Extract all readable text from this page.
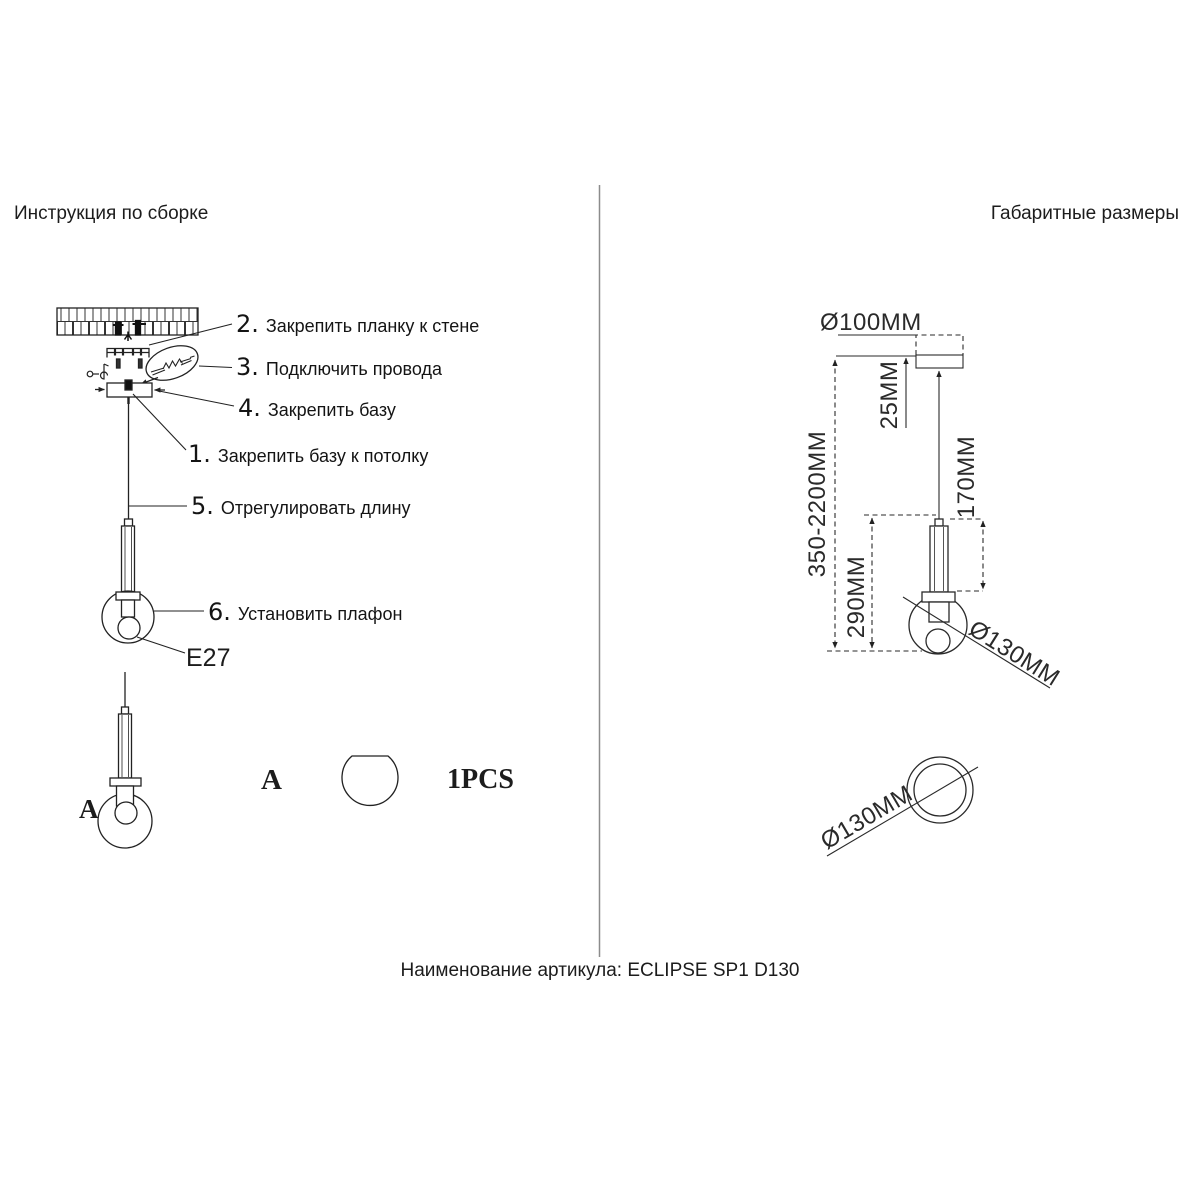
Инструкция по сборке	Габаритные размеры
2. Закрепить планку к стене
3. Подключить провода
4. Закрепить базу
1. Закрепить базу к потолку
5. Отрегулировать длину
6. Установить плафон
E27
A
A	1PCS
Ø100MM
25MM
350-2200MM
290MM
170MM
Ø130MM
Ø130MM
Наименование артикула: ECLIPSE SP1 D130
